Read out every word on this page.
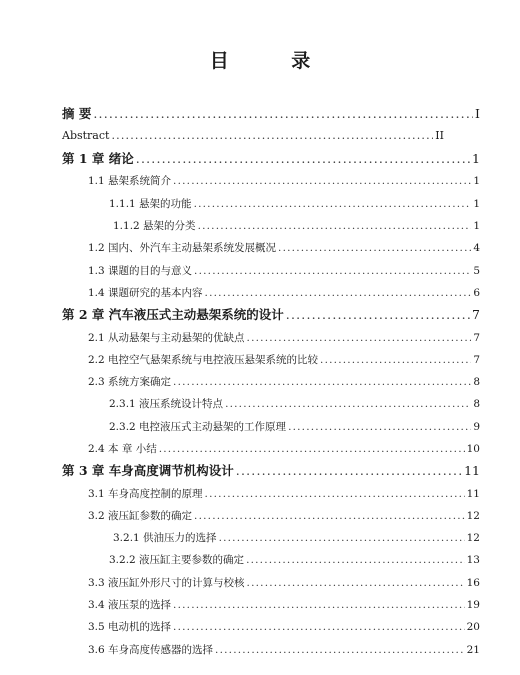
目 录
摘 要 .....	I
Abstract .....	II
第 1 章 绪论 .....	1
1.1 悬架系统简介 .....	1
1.1.1 悬架的功能 .....	1
1.1.2 悬架的分类 .....	1
1.2 国内、外汽车主动悬架系统发展概况 .....	4
1.3 课题的目的与意义 .....	5
1.4 课题研究的基本内容 .....	6
第 2 章 汽车液压式主动悬架系统的设计 .....	7
2.1 从动悬架与主动悬架的优缺点 .....	7
2.2 电控空气悬架系统与电控液压悬架系统的比较 .....	7
2.3 系统方案确定 .....	8
2.3.1 液压系统设计特点 .....	8
2.3.2 电控液压式主动悬架的工作原理 .....	9
2.4 本 章 小结 .....	10
第 3 章 车身高度调节机构设计 .....	11
3.1 车身高度控制的原理 .....	11
3.2 液压缸参数的确定 .....	12
3.2.1 供油压力的选择 .....	12
3.2.2 液压缸主要参数的确定 .....	13
3.3 液压缸外形尺寸的计算与校核 .....	16
3.4 液压泵的选择 .....	19
3.5 电动机的选择 .....	20
3.6 车身高度传感器的选择 .....	21
